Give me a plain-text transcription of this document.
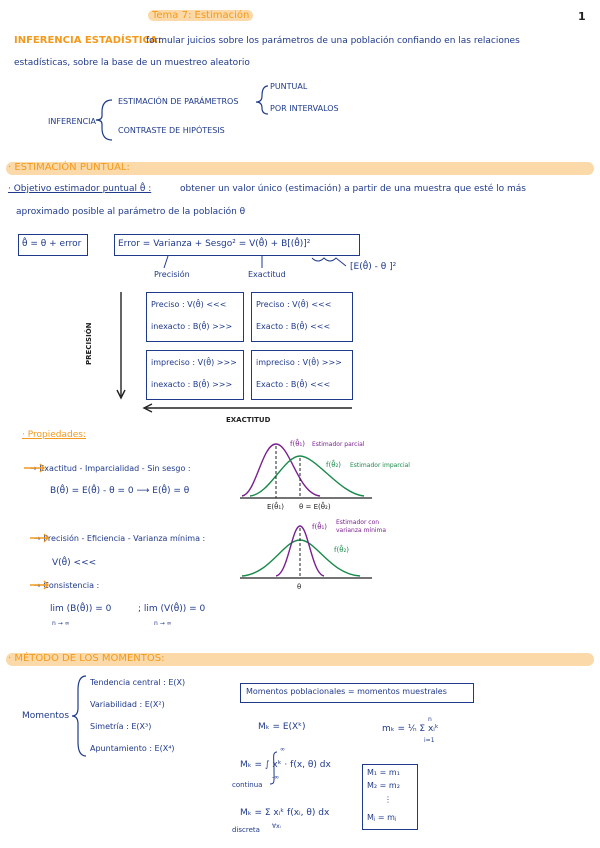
Tema 7: Estimación	1
INFERENCIA ESTADÍSTICA:
formular juicios sobre los parámetros de una población confiando en las relaciones
estadísticas, sobre la base de un muestreo aleatorio
INFERENCIA
ESTIMACIÓN DE PARÁMETROS
CONTRASTE DE HIPÓTESIS
PUNTUAL
POR INTERVALOS
· ESTIMACIÓN PUNTUAL:
· Objetivo estimador puntual θ̂ :	obtener un valor único (estimación) a partir de una muestra que esté lo más
aproximado posible al parámetro de la población θ
θ̂ = θ + error	Error = Varianza + Sesgo² = V(θ̂) + B[(θ̂)]²
[E(θ̂) - θ ]²
Precisión	Exactitud
Preciso : V(θ̂) <<<
inexacto : B(θ̂) >>>
Preciso : V(θ̂) <<<
Exacto : B(θ̂) <<<
impreciso : V(θ̂) >>>
inexacto : B(θ̂) >>>
impreciso : V(θ̂) >>>
Exacto : B(θ̂) <<<
PRECISIÓN
EXACTITUD
· Propiedades:
→ Exactitud - Imparcialidad - Sin sesgo :
B(θ̂) = E(θ̂) - θ = 0 ⟶ E(θ̂) = θ
→ Precisión - Eficiencia - Varianza mínima :
V(θ̂) <<<
→ Consistencia :
lim (B(θ̂)) = 0	; lim (V(θ̂)) = 0
n → ∞	n → ∞
f(θ̂₁) Estimador parcial
f(θ̂₂) Estimador imparcial
E(θ̂₁) θ = E(θ̂₂)
f(θ̂₁)
Estimador con
varianza mínima
f(θ̂₂)
θ
· MÉTODO DE LOS MOMENTOS:
Momentos
Tendencia central : E(X)
Variabilidad : E(X²)
Simetría : E(X³)
Apuntamiento : E(X⁴)
Momentos poblacionales = momentos muestrales
Mₖ = E(Xᵏ)	mₖ = ¹⁄ₙ Σ xᵢᵏ
n
i=1
Mₖ = ∫ xᵏ · f(x, θ) dx
∞
-∞
continua
Mₖ = Σ xᵢᵏ f(xᵢ, θ) dx
∀xᵢ
discreta
M₁ = m₁
M₂ = m₂
⋮
Mⱼ = mⱼ
